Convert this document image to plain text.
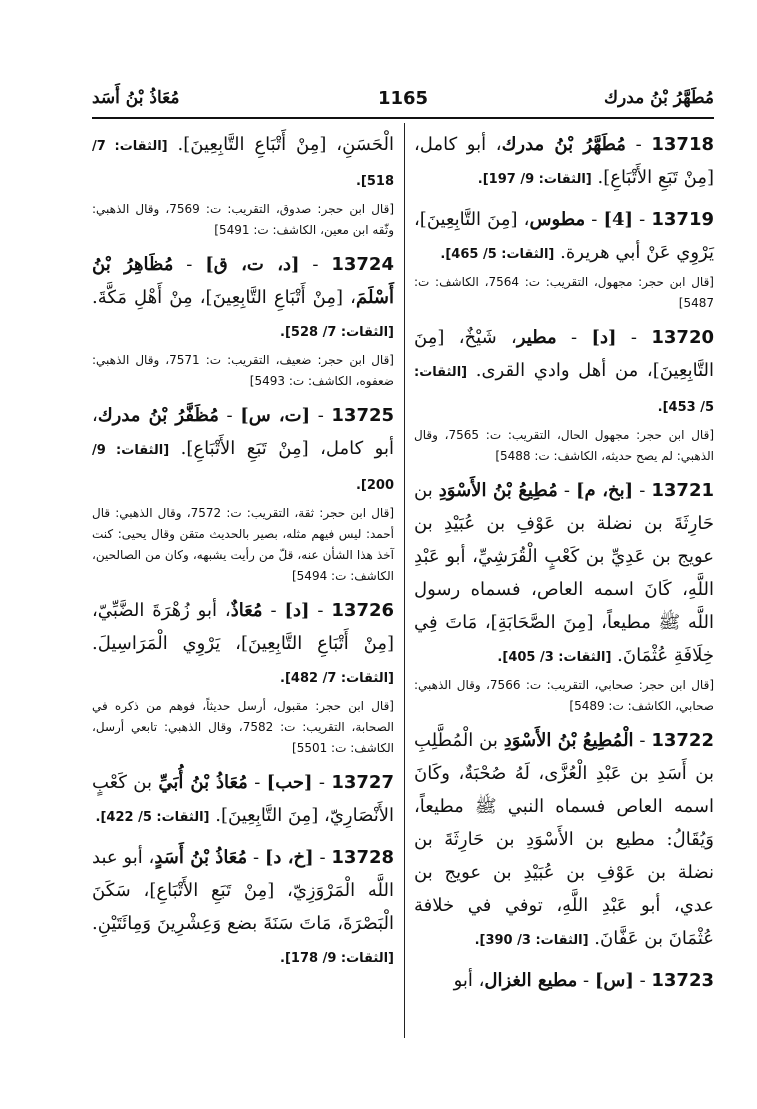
مُطَهَّرُ بْنُ مدرك
1165
مُعَاذُ بْنُ أَسَد

13718 - مُطَهَّرُ بْنُ مدرك، أبو كامل، [مِنْ تَبَعِ الأَتْبَاعِ]. [الثقات: 9/ 197].

13719 - [4] - مطوس، [مِنَ التَّابِعِينَ]، يَرْوِي عَنْ أبي هريرة. [الثقات: 5/ 465].

[قال ابن حجر: مجهول، التقريب: ت: 7564، الكاشف: ت: 5487]

13720 - [د] - مطير، شَيْخٌ، [مِنَ التَّابِعِينَ]، من أهل وادي القرى. [الثقات: 5/ 453].

[قال ابن حجر: مجهول الحال، التقريب: ت: 7565، وقال الذهبي: لم يصح حديثه، الكاشف: ت: 5488]

13721 - [بخ، م] - مُطِيعُ بْنُ الأَسْوَدِ بن حَارِثَةَ بن نضلة بن عَوْفِ بن عُبَيْدِ بن عويج بن عَدِيِّ بن كَعْبٍ الْقُرَشِيِّ، أبو عَبْدِ اللَّهِ، كَانَ اسمه العاص، فسماه رسول اللَّه ﷺ مطيعاً، [مِنَ الصَّحَابَةِ]، مَاتَ فِي خِلَافَةِ عُثْمَانَ. [الثقات: 3/ 405].

[قال ابن حجر: صحابي، التقريب: ت: 7566، وقال الذهبي: صحابي، الكاشف: ت: 5489]

13722 - الْمُطِيعُ بْنُ الأَسْوَدِ بن الْمُطَّلِبِ بن أَسَدِ بن عَبْدِ الْعُزَّى، لَهُ صُحْبَةٌ، وكَانَ اسمه العاص فسماه النبي ﷺ مطيعاً، وَيُقَالُ: مطيع بن الأَسْوَدِ بن حَارِثَةَ بن نضلة بن عَوْفِ بن عُبَيْدِ بن عويج بن عدي، أبو عَبْدِ اللَّهِ، توفي في خلافة عُثْمَانَ بن عَفَّانَ. [الثقات: 3/ 390].

13723 - [س] - مطيع الغزال، أبو

الْحَسَنِ، [مِنْ أَتْبَاعِ التَّابِعِينَ]. [الثقات: 7/ 518].

[قال ابن حجر: صدوق، التقريب: ت: 7569، وقال الذهبي: وثّقه ابن معين، الكاشف: ت: 5491]

13724 - [د، ت، ق] - مُظَاهِرُ بْنُ أَسْلَمَ، [مِنْ أَتْبَاعِ التَّابِعِينَ]، مِنْ أَهْلِ مَكَّةَ. [الثقات: 7/ 528].

[قال ابن حجر: ضعيف، التقريب: ت: 7571، وقال الذهبي: ضعفوه، الكاشف: ت: 5493]

13725 - [ت، س] - مُظَفَّرُ بْنُ مدرك، أبو كامل، [مِنْ تَبَعِ الأَتْبَاعِ]. [الثقات: 9/ 200].

[قال ابن حجر: ثقة، التقريب: ت: 7572، وقال الذهبي: قال أحمد: ليس فيهم مثله، بصير بالحديث متقن وقال يحيى: كنت آخذ هذا الشأن عنه، قلّ من رأيت يشبهه، وكان من الصالحين، الكاشف: ت: 5494]

13726 - [د] - مُعَاذٌ، أبو زُهْرَةَ الضَّبِّيّ، [مِنْ أَتْبَاعِ التَّابِعِينَ]، يَرْوِي الْمَرَاسِيلَ. [الثقات: 7/ 482].

[قال ابن حجر: مقبول، أرسل حديثاً، فوهم من ذكره في الصحابة، التقريب: ت: 7582، وقال الذهبي: تابعي أرسل، الكاشف: ت: 5501]

13727 - [حب] - مُعَاذُ بْنُ أُبَيِّ بن كَعْبٍ الأَنْصَارِيّ، [مِنَ التَّابِعِينَ]. [الثقات: 5/ 422].

13728 - [خ، د] - مُعَاذُ بْنُ أَسَدٍ، أبو عبد اللَّه الْمَرْوَزِيّ، [مِنْ تَبَعِ الأَتْبَاعِ]، سَكَنَ الْبَصْرَةَ، مَاتَ سَنَةَ بضع وَعِشْرِينَ وَمِائَتَيْنِ. [الثقات: 9/ 178].
